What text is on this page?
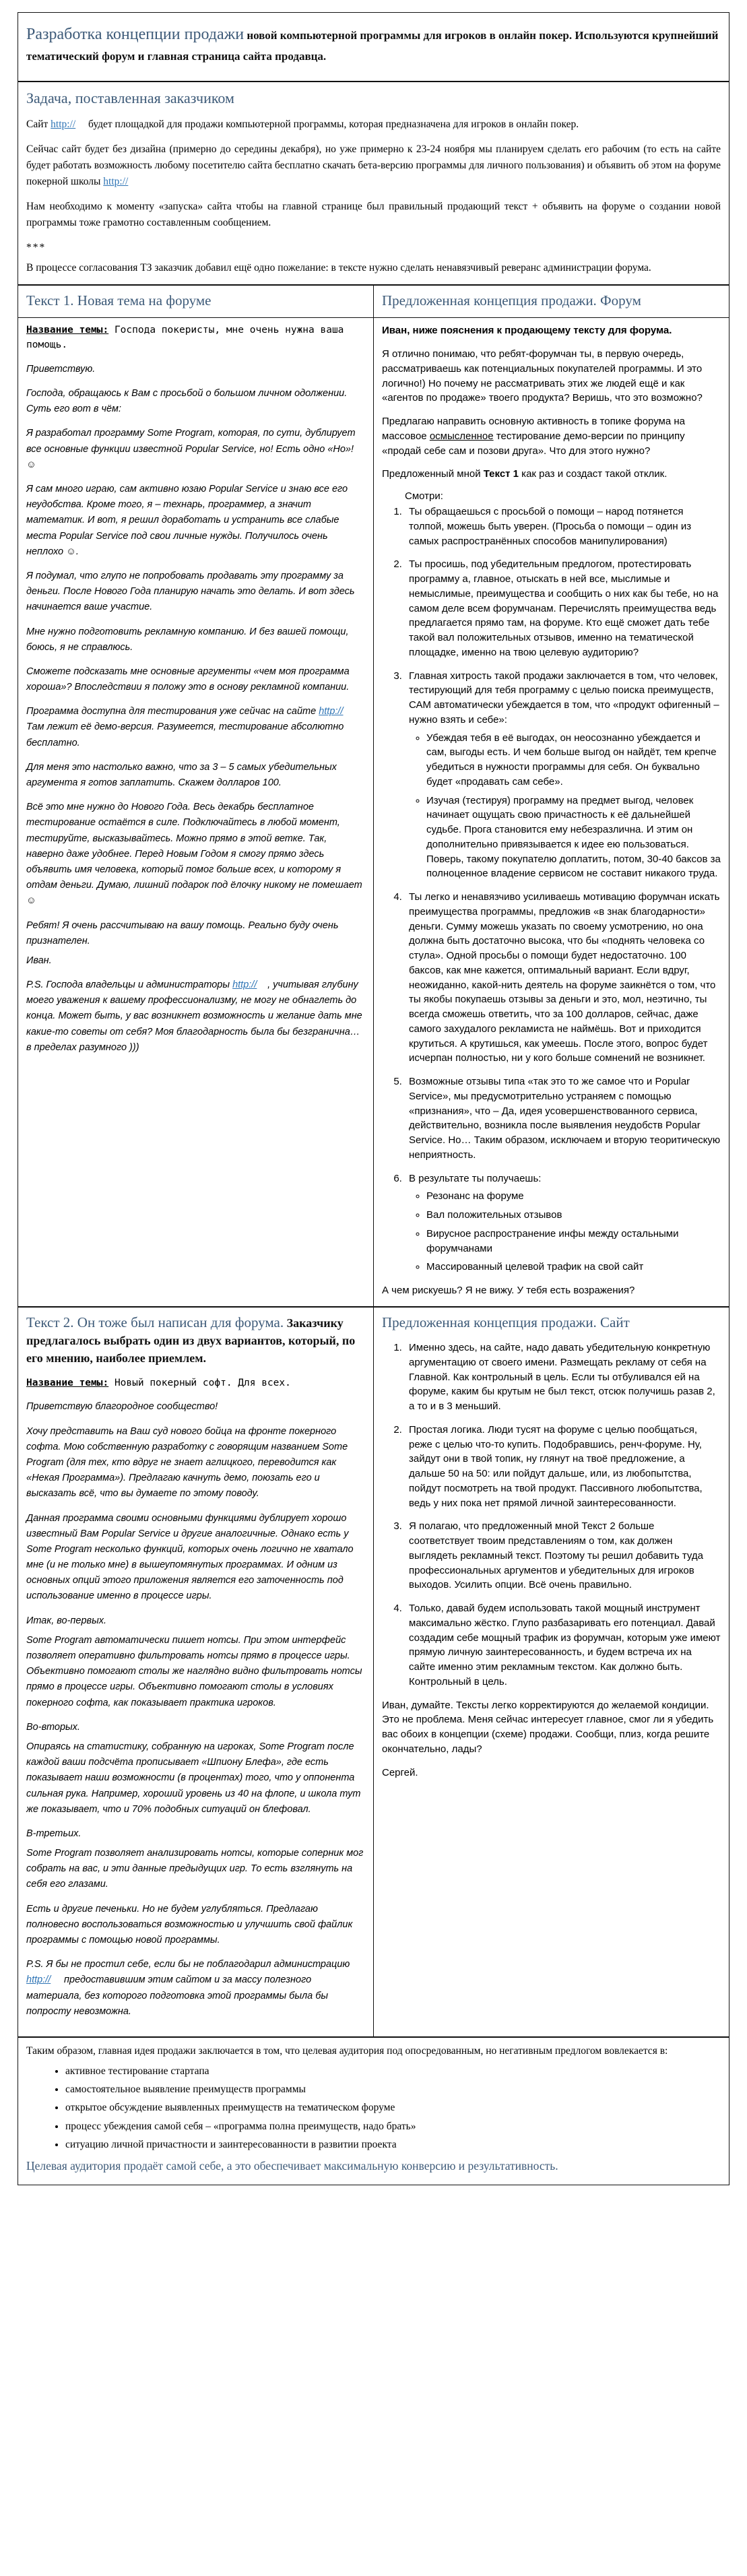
Разработка концепции продажи новой компьютерной программы для игроков в онлайн покер. Используются крупнейший тематический форум и главная страница сайта продавца.
Задача, поставленная заказчиком

Сайт http:// будет площадкой для продажи компьютерной программы, которая предназначена для игроков в онлайн покер.

Сейчас сайт будет без дизайна (примерно до середины декабря), но уже примерно к 23-24 ноября мы планируем сделать его рабочим (то есть на сайте будет работать возможность любому посетителю сайта бесплатно скачать бета-версию программы для личного пользования) и объявить об этом на форуме покерной школы http://

Нам необходимо к моменту «запуска» сайта чтобы на главной странице был правильный продающий текст + объявить на форуме о создании новой программы тоже грамотно составленным сообщением.

***

В процессе согласования ТЗ заказчик добавил ещё одно пожелание: в тексте нужно сделать ненавязчивый реверанс администрации форума.

Текст 1. Новая тема на форуме	Предложенная концепция продажи. Форум

Название темы: Господа покеристы, мне очень нужна ваша помощь.

Приветствую.

Господа, обращаюсь к Вам с просьбой о большом личном одолжении. Суть его вот в чём:

Я разработал программу Some Program, которая, по сути, дублирует все основные функции известной Popular Service, но! Есть одно «Но»! ☺

Я сам много играю, сам активно юзаю Popular Service и знаю все его неудобства. Кроме того, я – технарь, программер, а значит математик. И вот, я решил доработать и устранить все слабые места Popular Service под свои личные нужды. Получилось очень неплохо ☺.

Я подумал, что глупо не попробовать продавать эту программу за деньги. После Нового Года планирую начать это делать. И вот здесь начинается ваше участие.

Мне нужно подготовить рекламную компанию. И без вашей помощи, боюсь, я не справлюсь.

Сможете подсказать мне основные аргументы «чем моя программа хороша»? Впоследствии я положу это в основу рекламной компании.

Программа доступна для тестирования уже сейчас на сайте http:// Там лежит её демо-версия. Разумеется, тестирование абсолютно бесплатно.

Для меня это настолько важно, что за 3 – 5 самых убедительных аргумента я готов заплатить. Скажем долларов 100.

Всё это мне нужно до Нового Года. Весь декабрь бесплатное тестирование остаётся в силе. Подключайтесь в любой момент, тестируйте, высказывайтесь. Можно прямо в этой ветке. Так, наверно даже удобнее. Перед Новым Годом я смогу прямо здесь объявить имя человека, который помог больше всех, и которому я отдам деньги. Думаю, лишний подарок под ёлочку никому не помешает ☺

Ребят! Я очень рассчитываю на вашу помощь. Реально буду очень признателен.

Иван.

P.S. Господа владельцы и администраторы http:// , учитывая глубину моего уважения к вашему профессионализму, не могу не обнаглеть до конца. Может быть, у вас возникнет возможность и желание дать мне какие-то советы от себя? Моя благодарность была бы безгранична… в пределах разумного )))

Иван, ниже пояснения к продающему тексту для форума.

Я отлично понимаю, что ребят-форумчан ты, в первую очередь, рассматриваешь как потенциальных покупателей программы. И это логично!) Но почему не рассматривать этих же людей ещё и как «агентов по продаже» твоего продукта? Веришь, что это возможно?

Предлагаю направить основную активность в топике форума на массовое осмысленное тестирование демо-версии по принципу «продай себе сам и позови друга». Что для этого нужно?

Предложенный мной Текст 1 как раз и создаст такой отклик.

Смотри:

1. Ты обращаешься с просьбой о помощи – народ потянется толпой, можешь быть уверен. (Просьба о помощи – один из самых распространённых способов манипулирования)
2. Ты просишь, под убедительным предлогом, протестировать программу а, главное, отыскать в ней все, мыслимые и немыслимые, преимущества и сообщить о них как бы тебе, но на самом деле всем форумчанам. Перечислять преимущества ведь предлагается прямо там, на форуме. Кто ещё сможет дать тебе такой вал положительных отзывов, именно на тематической площадке, именно на твою целевую аудиторию?
3. Главная хитрость такой продажи заключается в том, что человек, тестирующий для тебя программу с целью поиска преимуществ, САМ автоматически убеждается в том, что «продукт офигенный – нужно взять и себе»:
◦ Убеждая тебя в её выгодах, он неосознанно убеждается и сам, выгоды есть. И чем больше выгод он найдёт, тем крепче убедиться в нужности программы для себя. Он буквально будет «продавать сам себе».
◦ Изучая (тестируя) программу на предмет выгод, человек начинает ощущать свою причастность к её дальнейшей судьбе. Прога становится ему небезразлична. И этим он дополнительно привязывается к идее ею пользоваться. Поверь, такому покупателю доплатить, потом, 30-40 баксов за полноценное владение сервисом не составит никакого труда.
4. Ты легко и ненавязчиво усиливаешь мотивацию форумчан искать преимущества программы, предложив «в знак благодарности» деньги. Сумму можешь указать по своему усмотрению, но она должна быть достаточно высока, что бы «поднять человека со стула». Одной просьбы о помощи будет недостаточно. 100 баксов, как мне кажется, оптимальный вариант. Если вдруг, неожиданно, какой-нить деятель на форуме заикнётся о том, что ты якобы покупаешь отзывы за деньги и это, мол, неэтично, ты всегда сможешь ответить, что за 100 долларов, сейчас, даже самого захудалого рекламиста не наймёшь. Вот и приходится крутиться. А крутишься, как умеешь. После этого, вопрос будет исчерпан полностью, ни у кого больше сомнений не возникнет.
5. Возможные отзывы типа «так это то же самое что и Popular Service», мы предусмотрительно устраняем с помощью «признания», что – Да, идея усовершенствованного сервиса, действительно, возникла после выявления неудобств Popular Service. Но… Таким образом, исключаем и вторую теоритическую неприятность.
6. В результате ты получаешь:
◦ Резонанс на форуме
◦ Вал положительных отзывов
◦ Вирусное распространение инфы между остальными форумчанами
◦ Массированный целевой трафик на свой сайт

А чем рискуешь? Я не вижу. У тебя есть возражения?

Текст 2. Он тоже был написан для форума. Заказчику предлагалось выбрать один из двух вариантов, который, по его мнению, наиболее приемлем.

Название темы: Новый покерный софт. Для всех.

Приветствую благородное сообщество!

Хочу представить на Ваш суд нового бойца на фронте покерного софта. Мою собственную разработку с говорящим названием Some Program (для тех, кто вдруг не знает аглицкого, переводится как «Некая Программа»). Предлагаю качнуть демо, поюзать его и высказать всё, что вы думаете по этому поводу.

Данная программа своими основными функциями дублирует хорошо известный Вам Popular Service и другие аналогичные. Однако есть у Some Program несколько функций, которых очень логично не хватало мне (и не только мне) в вышеупомянутых программах. И одним из основных опций этого приложения является его заточенность под использование именно в процессе игры.

Итак, во-первых.

Some Program автоматически пишет нотсы. При этом интерфейс позволяет оперативно фильтровать нотсы прямо в процессе игры. Объективно помогают столы же наглядно видно фильтровать нотсы прямо в процессе игры. Объективно помогают столы в условиях покерного софта, как показывает практика игроков.

Во-вторых.

Опираясь на статистику, собранную на игроках, Some Program после каждой ваши подсчёта прописывает «Шпиону Блефа», где есть показывает наши возможности (в процентах) того, что у оппонента сильная рука. Например, хороший уровень из 40 на флопе, и школа тут же показывает, что и 70% подобных ситуаций он блефовал.

В-третьих.

Some Program позволяет анализировать нотсы, которые соперник мог собрать на вас, и эти данные предыдущих игр. То есть взглянуть на себя его глазами.

Есть и другие печеньки. Но не будем углубляться. Предлагаю полновесно воспользоваться возможностью и улучшить свой файлик программы с помощью новой программы.

P.S. Я бы не простил себе, если бы не поблагодарил администрацию http:// предоставившим этим сайтом и за массу полезного материала, без которого подготовка этой программы была бы попросту невозможна.

Предложенная концепция продажи. Сайт
1. Именно здесь, на сайте, надо давать убедительную конкретную аргументацию от своего имени. Размещать рекламу от себя на Главной. Как контрольный в цель. Если ты отбуливался ей на форуме, каким бы крутым не был текст, отсюк получишь разав 2, а то и в 3 меньший.
2. Простая логика. Люди тусят на форуме с целью пообщаться, реже с целью что-то купить. Подобравшись, ренч-форуме. Ну, зайдут они в твой топик, ну глянут на твоё предложение, а дальше 50 на 50: или пойдут дальше, или, из любопытства, пойдут посмотреть на твой продукт. Пассивного любопытства, ведь у них пока нет прямой личной заинтересованности.
3. Я полагаю, что предложенный мной Текст 2 больше соответствует твоим представлениям о том, как должен выглядеть рекламный текст. Поэтому ты решил добавить туда профессиональных аргументов и убедительных для игроков выходов. Усилить опции. Всё очень правильно.
4. Только, давай будем использовать такой мощный инструмент максимально жёстко. Глупо разбазаривать его потенциал. Давай создадим себе мощный трафик из форумчан, которым уже имеют прямую личную заинтересованность, и будем встреча их на сайте именно этим рекламным текстом. Как должно быть. Контрольный в цель.

Иван, думайте. Тексты легко корректируются до желаемой кондиции. Это не проблема. Меня сейчас интересует главное, смог ли я убедить вас обоих в концепции (схеме) продажи. Сообщи, плиз, когда решите окончательно, лады?

Сергей.

Таким образом, главная идея продажи заключается в том, что целевая аудитория под опосредованным, но негативным предлогом вовлекается в:

• активное тестирование стартапа
• самостоятельное выявление преимуществ программы
• открытое обсуждение выявленных преимуществ на тематическом форуме
• процесс убеждения самой себя – «программа полна преимуществ, надо брать»
• ситуацию личной причастности и заинтересованности в развитии проекта

Целевая аудитория продаёт самой себе, а это обеспечивает максимальную конверсию и результативность.
